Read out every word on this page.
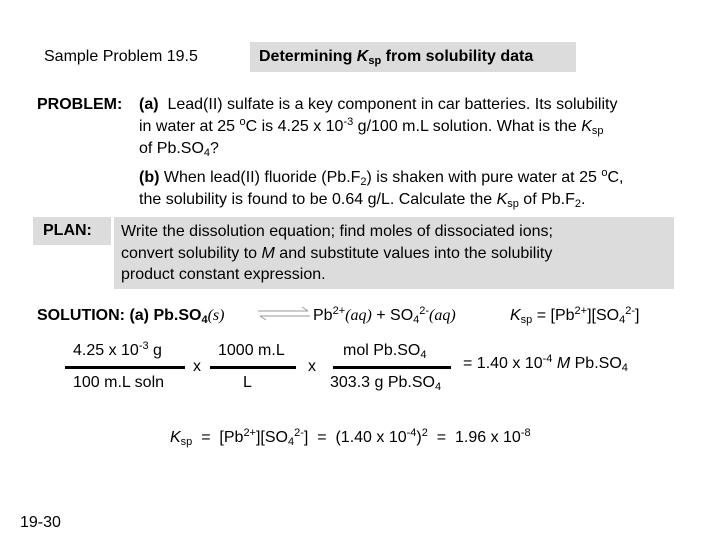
Sample Problem 19.5	Determining $K_{sp}$ from solubility data
PROBLEM: (a) Lead(II) sulfate is a key component in car batteries. Its solubility
in water at 25 $^o$C is 4.25 x $10^{-3}$ g/100 m.L solution. What is the $K_{sp}$
of $Pb.SO_4$?
(b) When lead(II) fluoride $(Pb.F_2)$ is shaken with pure water at 25 $^o$C,
the solubility is found to be 0.64 g/L. Calculate the $K_{sp}$ of $Pb.F_2$.
PLAN:	Write the dissolution equation; find moles of dissociated ions;
convert solubility to M and substitute values into the solubility
product constant expression.
SOLUTION: (a) $Pb.SO_4(s)$ ⇌ $Pb^{2+}(aq) + SO_4^{2-}(aq)$	$K_{sp} = [Pb^{2+}][SO_4^{2-}]$
4.25 x $10^{-3}$ g
100 m.L soln
x
1000 m.L
L
x
mol $Pb.SO_4$
303.3 g $Pb.SO_4$
= 1.40 x $10^{-4}$ M $Pb.SO_4$
$K_{sp} = [Pb^{2+}][SO_4^{2-}] = (1.40$ x $10^{-4})^2 = 1.96$ x $10^{-8}$
19-30
